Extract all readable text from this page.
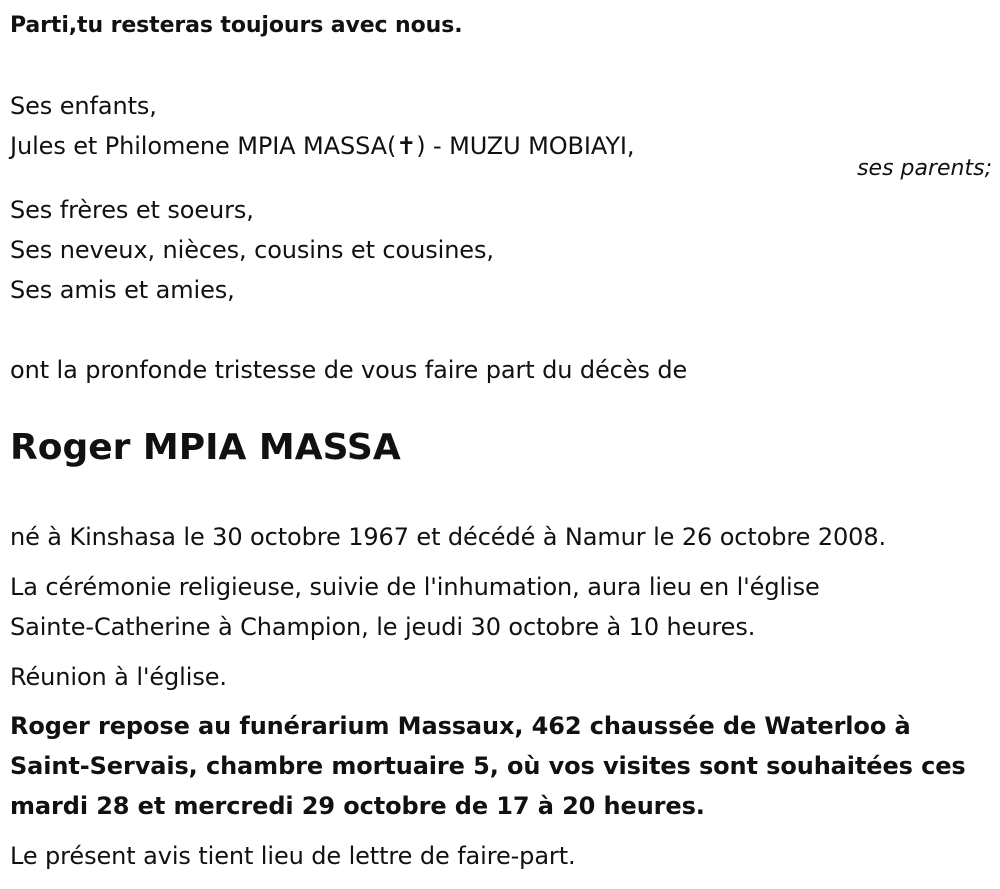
Parti,tu resteras toujours avec nous.
Ses enfants,
Jules et Philomene MPIA MASSA(✝) - MUZU MOBIAYI,
ses parents;
Ses frères et soeurs,
Ses neveux, nièces, cousins et cousines,
Ses amis et amies,
ont la pronfonde tristesse de vous faire part du décès de
Roger MPIA MASSA
né à Kinshasa le 30 octobre 1967 et décédé à Namur le 26 octobre 2008.
La cérémonie religieuse, suivie de l'inhumation, aura lieu en l'église
Sainte-Catherine à Champion, le jeudi 30 octobre à 10 heures.
Réunion à l'église.
Roger repose au funérarium Massaux, 462 chaussée de Waterloo à
Saint-Servais, chambre mortuaire 5, où vos visites sont souhaitées ces
mardi 28 et mercredi 29 octobre de 17 à 20 heures.
Le présent avis tient lieu de lettre de faire-part.
